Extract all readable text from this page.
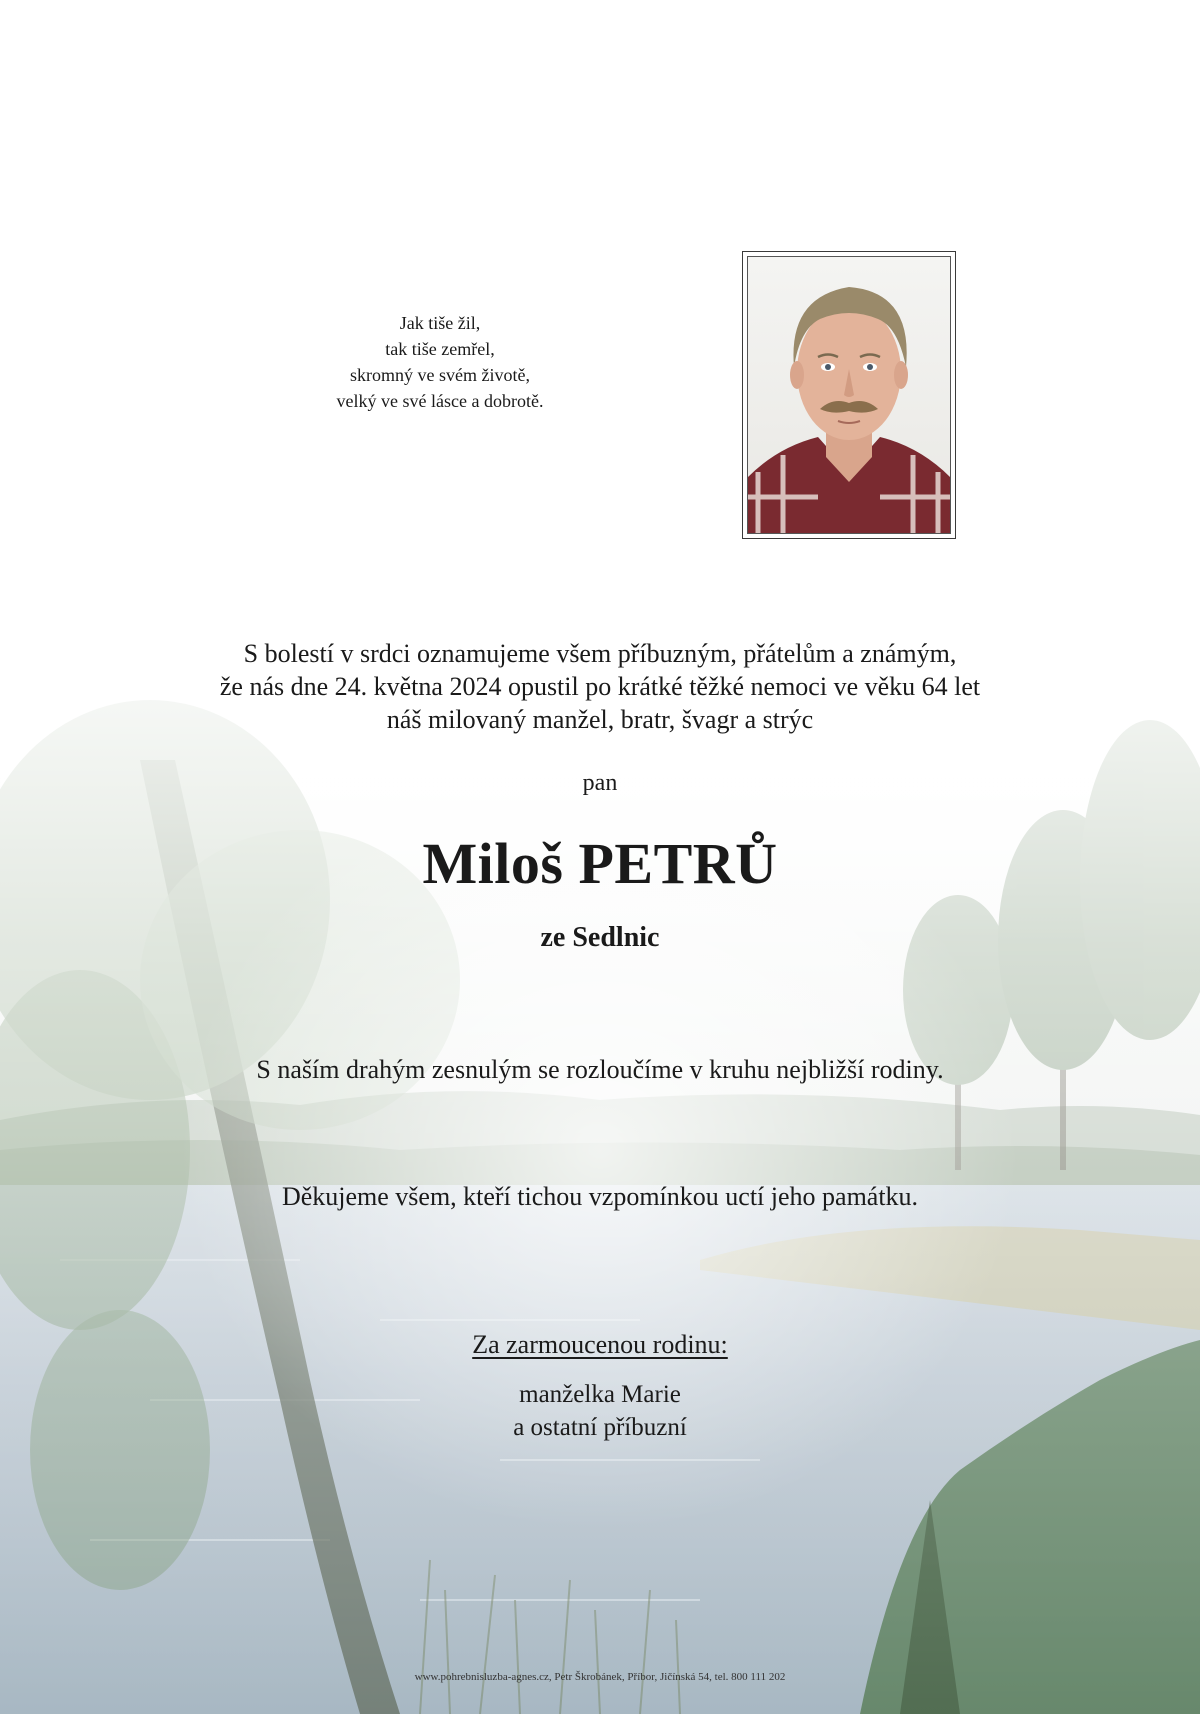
Jak tiše žil,
tak tiše zemřel,
skromný ve svém životě,
velký ve své lásce a dobrotě.
S bolestí v srdci oznamujeme všem příbuzným, přátelům a známým,
že nás dne 24. května 2024 opustil po krátké těžké nemoci ve věku 64 let
náš milovaný manžel, bratr, švagr a strýc
pan
Miloš PETRŮ
ze Sedlnic
S naším drahým zesnulým se rozloučíme v kruhu nejbližší rodiny.
Děkujeme všem, kteří tichou vzpomínkou uctí jeho památku.
Za zarmoucenou rodinu:
manželka Marie
a ostatní příbuzní
www.pohrebnisluzba-agnes.cz, Petr Škrobánek, Příbor, Jičínská 54, tel. 800 111 202
